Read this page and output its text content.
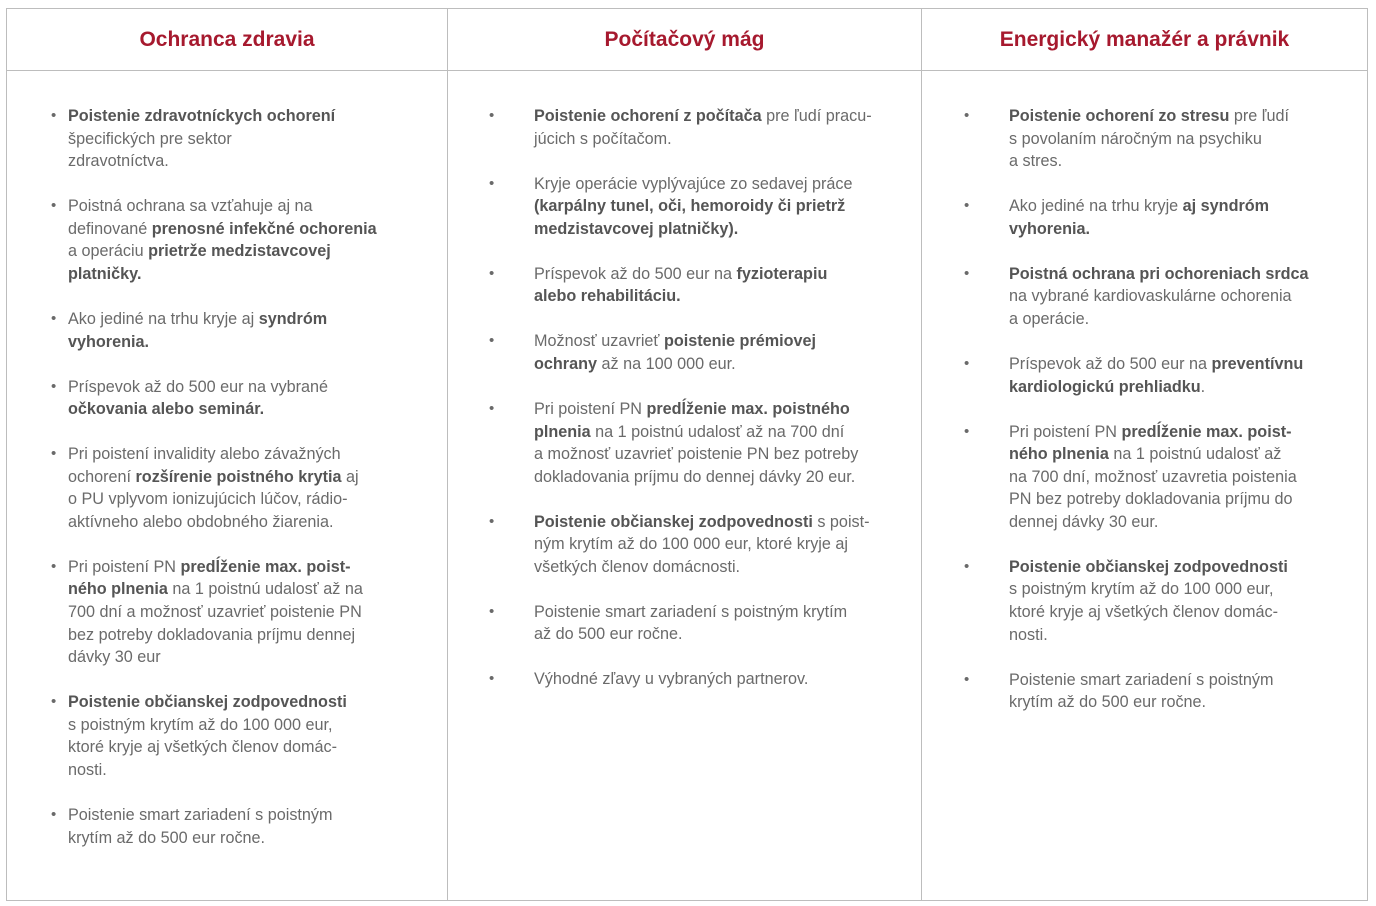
Ochranca zdravia	Počítačový mág	Energický manažér a právnik
• Poistenie zdravotníckych ochorení
špecifických pre sektor
zdravotníctva.
• Poistná ochrana sa vzťahuje aj na
definované prenosné infekčné ochorenia
a operáciu prietrže medzistavcovej
platničky.
• Ako jediné na trhu kryje aj syndróm
vyhorenia.
• Príspevok až do 500 eur na vybrané
očkovania alebo seminár.
• Pri poistení invalidity alebo závažných
ochorení rozšírenie poistného krytia aj
o PU vplyvom ionizujúcich lúčov, rádio-
aktívneho alebo obdobného žiarenia.
• Pri poistení PN predĺženie max. poist-
ného plnenia na 1 poistnú udalosť až na
700 dní a možnosť uzavrieť poistenie PN
bez potreby dokladovania príjmu dennej
dávky 30 eur
• Poistenie občianskej zodpovednosti
s poistným krytím až do 100 000 eur,
ktoré kryje aj všetkých členov domác-
nosti.
• Poistenie smart zariadení s poistným
krytím až do 500 eur ročne.
• Poistenie ochorení z počítača pre ľudí pracu-
júcich s počítačom.
• Kryje operácie vyplývajúce zo sedavej práce
(karpálny tunel, oči, hemoroidy či prietrž
medzistavcovej platničky).
• Príspevok až do 500 eur na fyzioterapiu
alebo rehabilitáciu.
• Možnosť uzavrieť poistenie prémiovej
ochrany až na 100 000 eur.
• Pri poistení PN predĺženie max. poistného
plnenia na 1 poistnú udalosť až na 700 dní
a možnosť uzavrieť poistenie PN bez potreby
dokladovania príjmu do dennej dávky 20 eur.
• Poistenie občianskej zodpovednosti s poist-
ným krytím až do 100 000 eur, ktoré kryje aj
všetkých členov domácnosti.
• Poistenie smart zariadení s poistným krytím
až do 500 eur ročne.
• Výhodné zľavy u vybraných partnerov.
• Poistenie ochorení zo stresu pre ľudí
s povolaním náročným na psychiku
a stres.
• Ako jediné na trhu kryje aj syndróm
vyhorenia.
• Poistná ochrana pri ochoreniach srdca
na vybrané kardiovaskulárne ochorenia
a operácie.
• Príspevok až do 500 eur na preventívnu
kardiologickú prehliadku.
• Pri poistení PN predĺženie max. poist-
ného plnenia na 1 poistnú udalosť až
na 700 dní, možnosť uzavretia poistenia
PN bez potreby dokladovania príjmu do
dennej dávky 30 eur.
• Poistenie občianskej zodpovednosti
s poistným krytím až do 100 000 eur,
ktoré kryje aj všetkých členov domác-
nosti.
• Poistenie smart zariadení s poistným
krytím až do 500 eur ročne.
